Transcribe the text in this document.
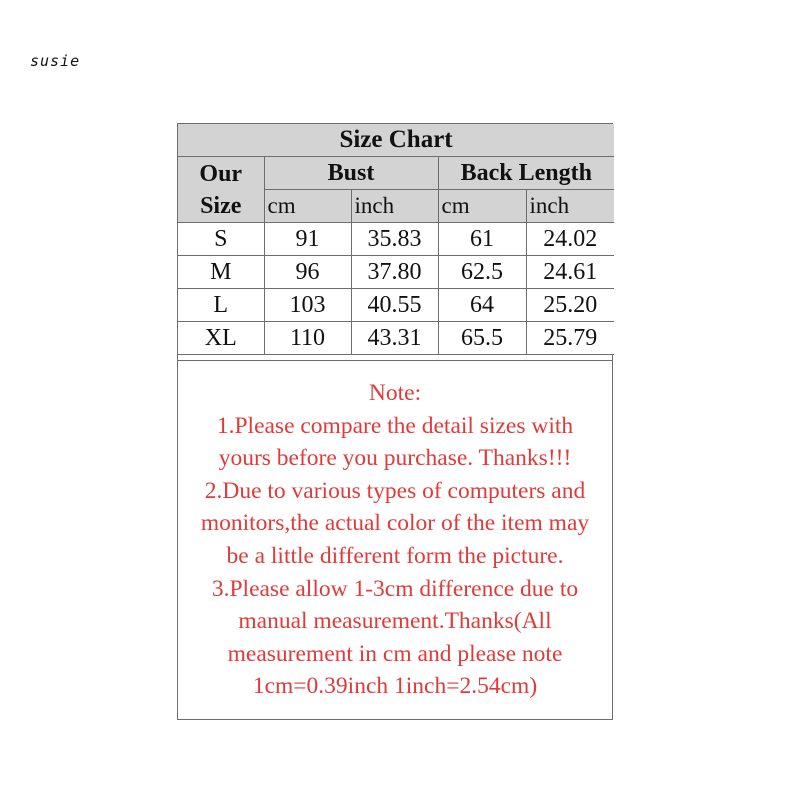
susie
Size Chart				

Our
Size	Bust		Back Length	
	cm	inch	cm	inch
S	91	35.83	61	24.02
M	96	37.80	62.5	24.61
L	103	40.55	64	25.20
XL	110	43.31	65.5	25.79
Note:
1.Please compare the detail sizes with
yours before you purchase. Thanks!!!
2.Due to various types of computers and
monitors,the actual color of the item may
be a little different form the picture.
3.Please allow 1-3cm difference due to
manual measurement.Thanks(All
measurement in cm and please note
1cm=0.39inch 1inch=2.54cm)
